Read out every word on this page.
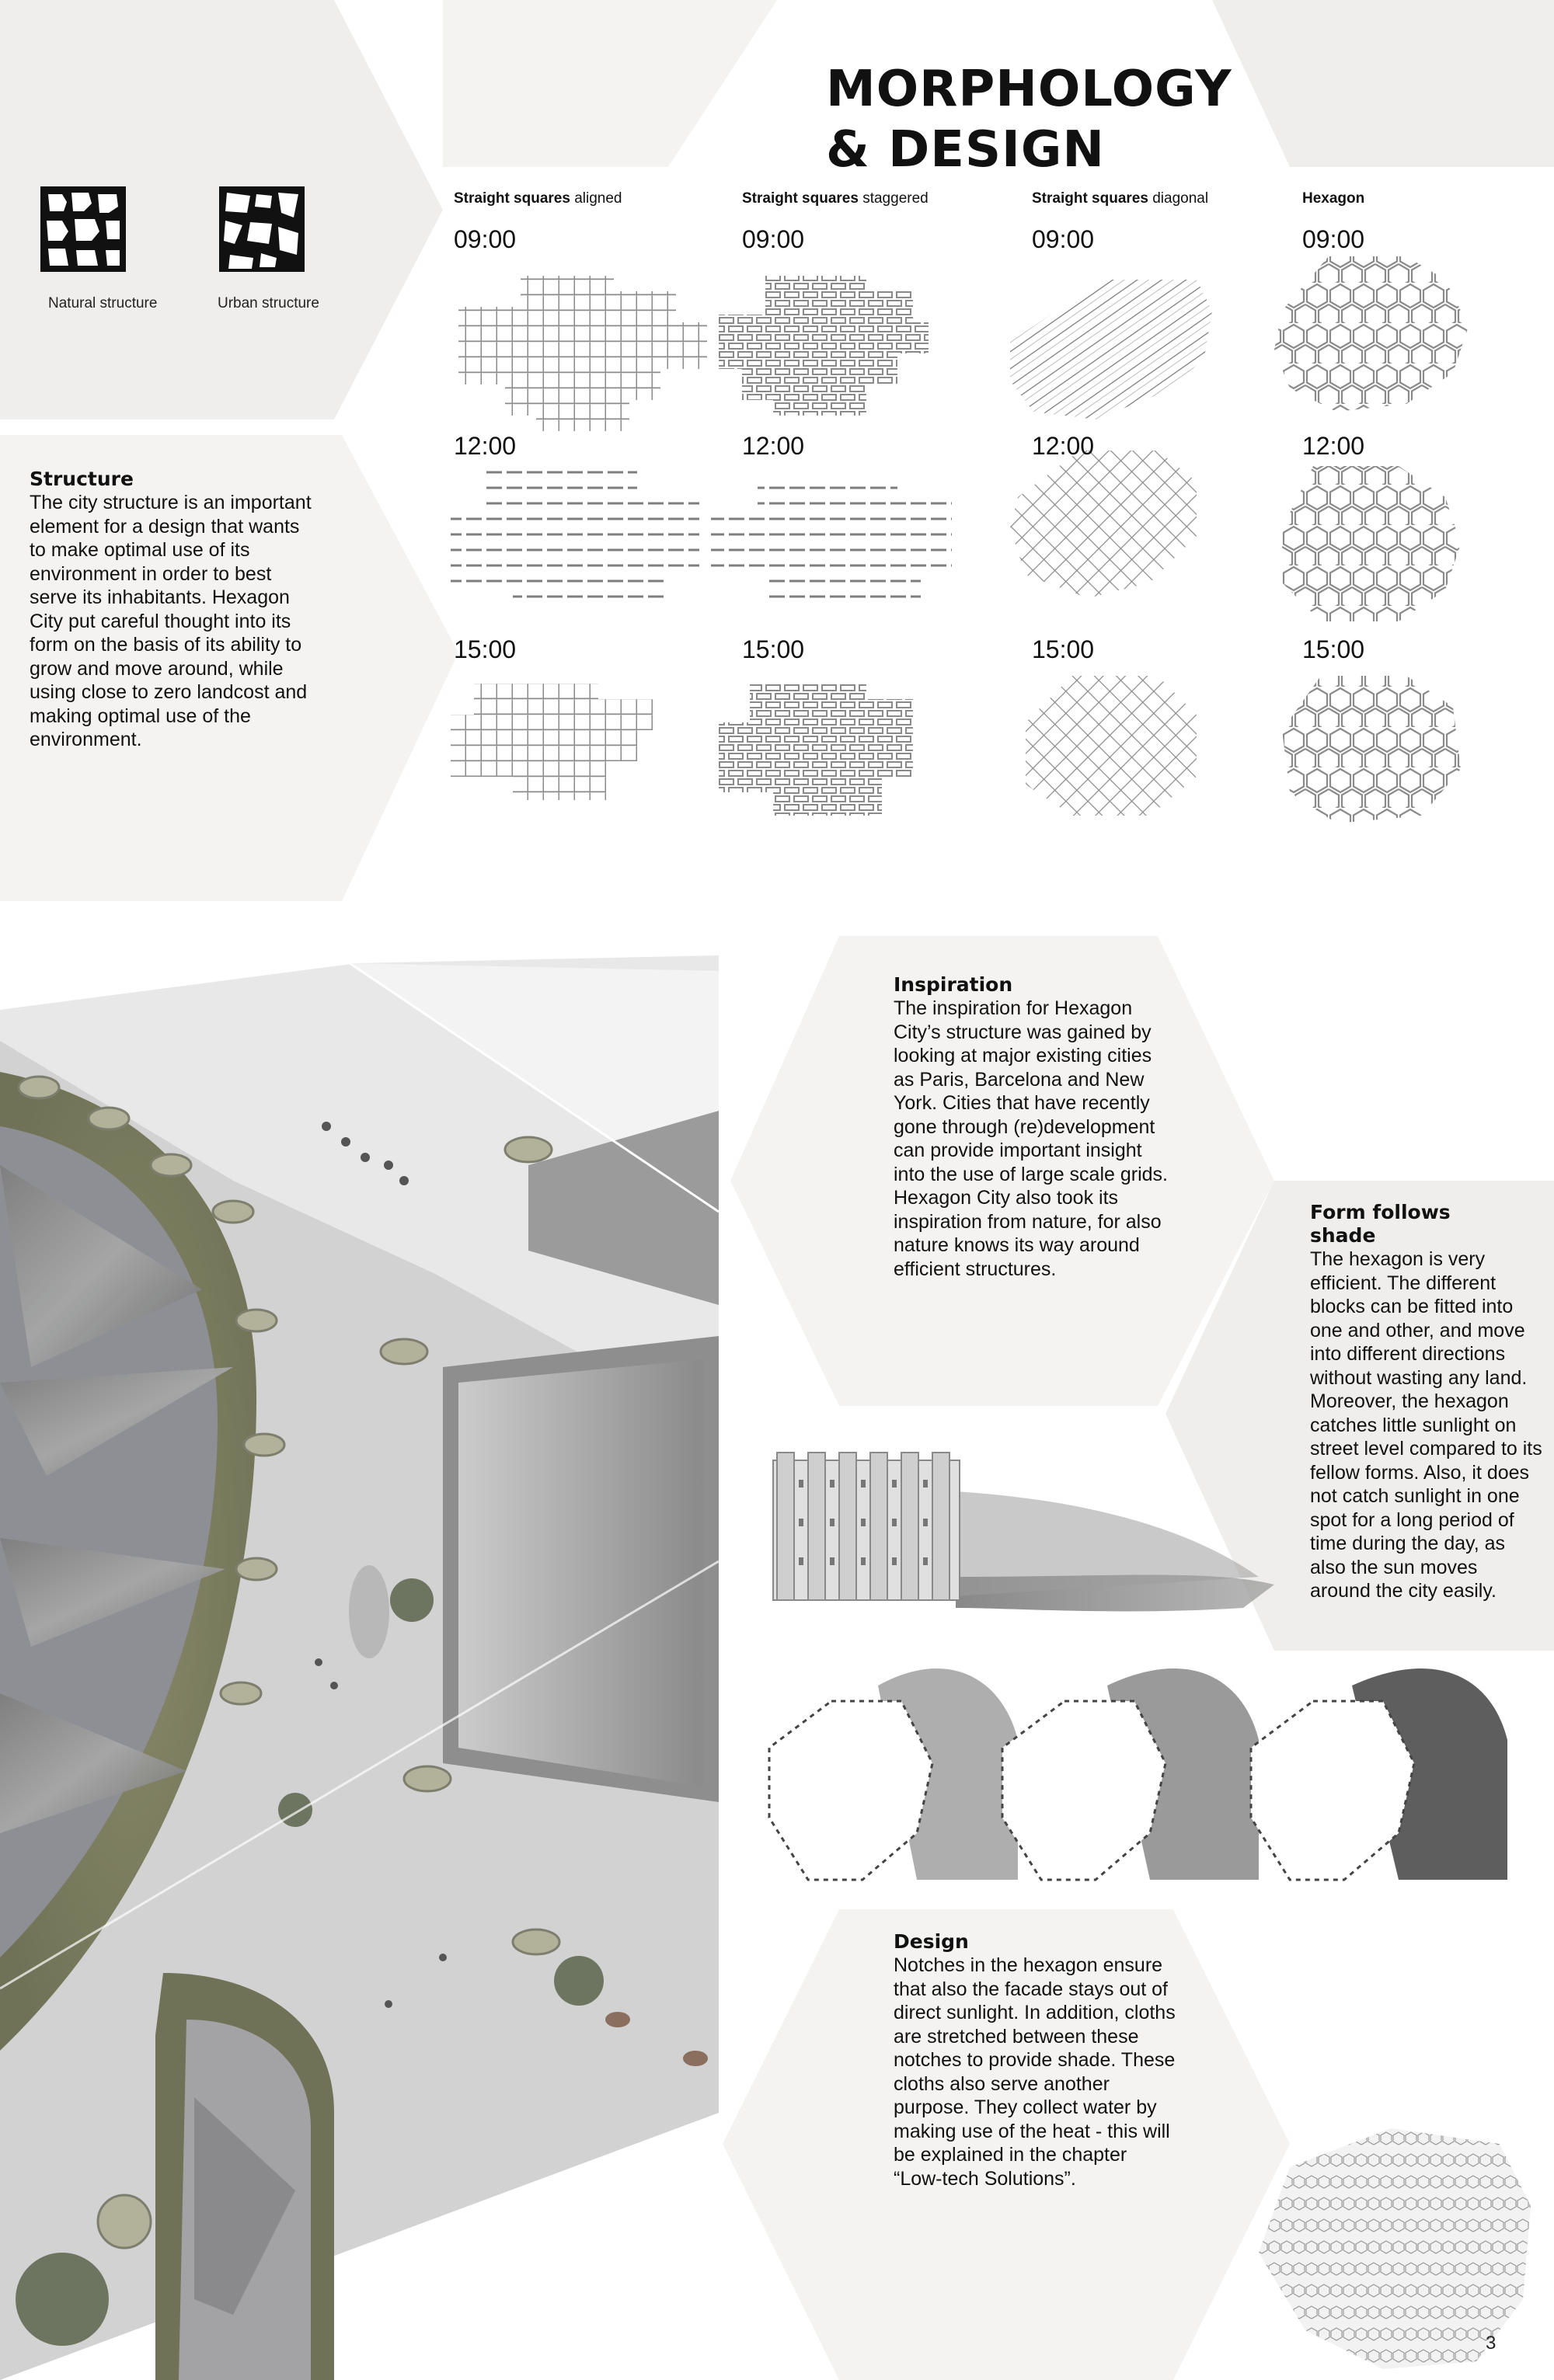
MORPHOLOGY
& DESIGN
Natural structure	Urban structure
Straight squares aligned	Straight squares staggered	Straight squares diagonal	Hexagon
09:00	09:00	09:00	09:00
12:00	12:00	12:00	12:00
15:00	15:00	15:00	15:00
Structure

The city structure is an important element for a design that wants to make optimal use of its environment in order to best serve its inhabitants. Hexagon City put careful thought into its form on the basis of its ability to grow and move around, while using close to zero landcost and making optimal use of the environment.

Inspiration

The inspiration for Hexagon City’s structure was gained by looking at major existing cities as Paris, Barcelona and New York. Cities that have recently gone through (re)development can provide important insight into the use of large scale grids. Hexagon City also took its inspiration from nature, for also nature knows its way around efficient structures.

Form follows
shade

The hexagon is very efficient. The different blocks can be fitted into one and other, and move into different directions without wasting any land. Moreover, the hexagon catches little sunlight on street level compared to its fellow forms. Also, it does not catch sunlight in one spot for a long period of time during the day, as also the sun moves around the city easily.

Design

Notches in the hexagon ensure that also the facade stays out of direct sunlight. In addition, cloths are stretched between these notches to provide shade. These cloths also serve another purpose. They collect water by making use of the heat - this will be explained in the chapter “Low-tech Solutions”.

3
